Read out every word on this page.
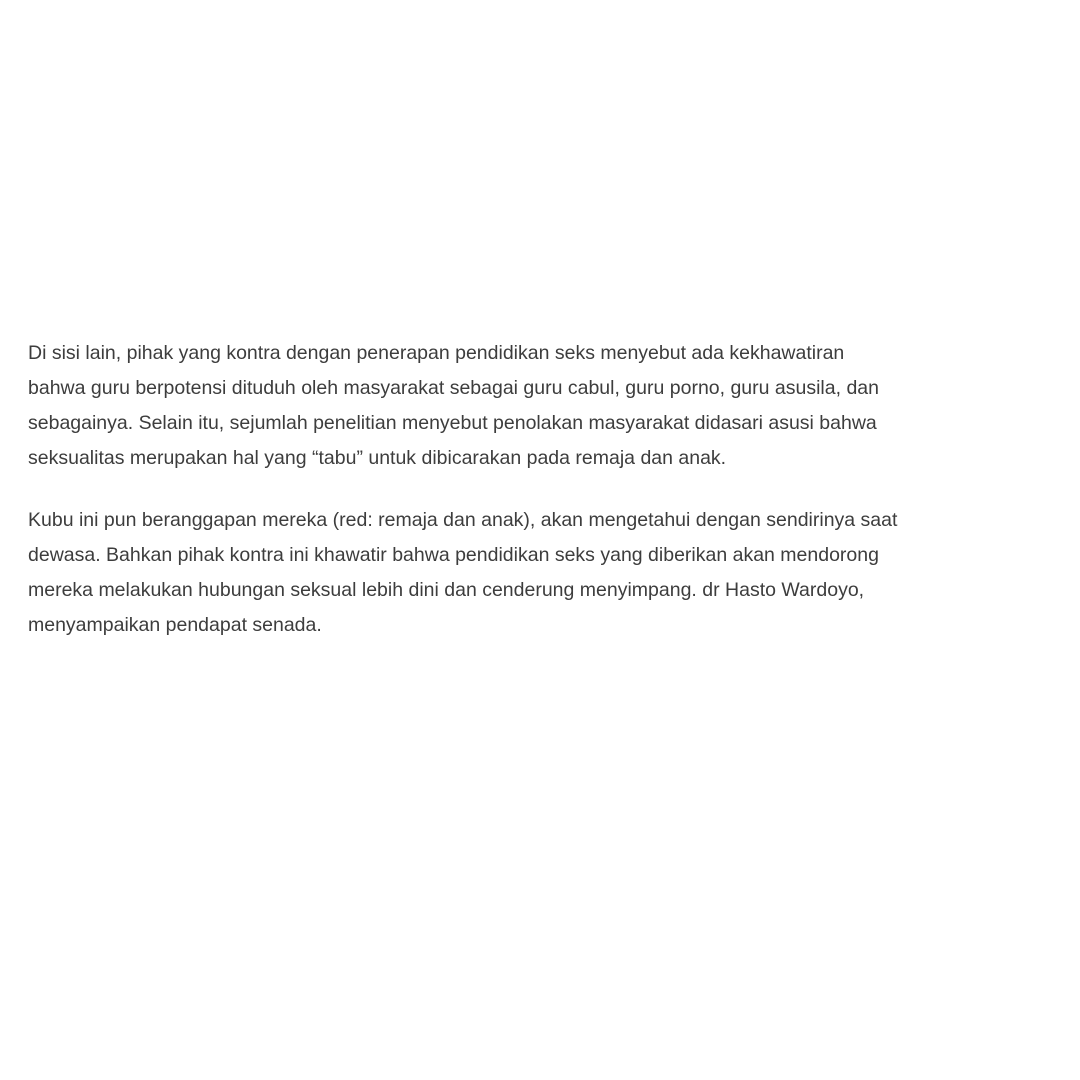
Di sisi lain, pihak yang kontra dengan penerapan pendidikan seks menyebut ada kekhawatiran
bahwa guru berpotensi dituduh oleh masyarakat sebagai guru cabul, guru porno, guru asusila, dan
sebagainya. Selain itu, sejumlah penelitian menyebut penolakan masyarakat didasari asusi bahwa
seksualitas merupakan hal yang “tabu” untuk dibicarakan pada remaja dan anak.

Kubu ini pun beranggapan mereka (red: remaja dan anak), akan mengetahui dengan sendirinya saat
dewasa. Bahkan pihak kontra ini khawatir bahwa pendidikan seks yang diberikan akan mendorong
mereka melakukan hubungan seksual lebih dini dan cenderung menyimpang. dr Hasto Wardoyo,
menyampaikan pendapat senada.
